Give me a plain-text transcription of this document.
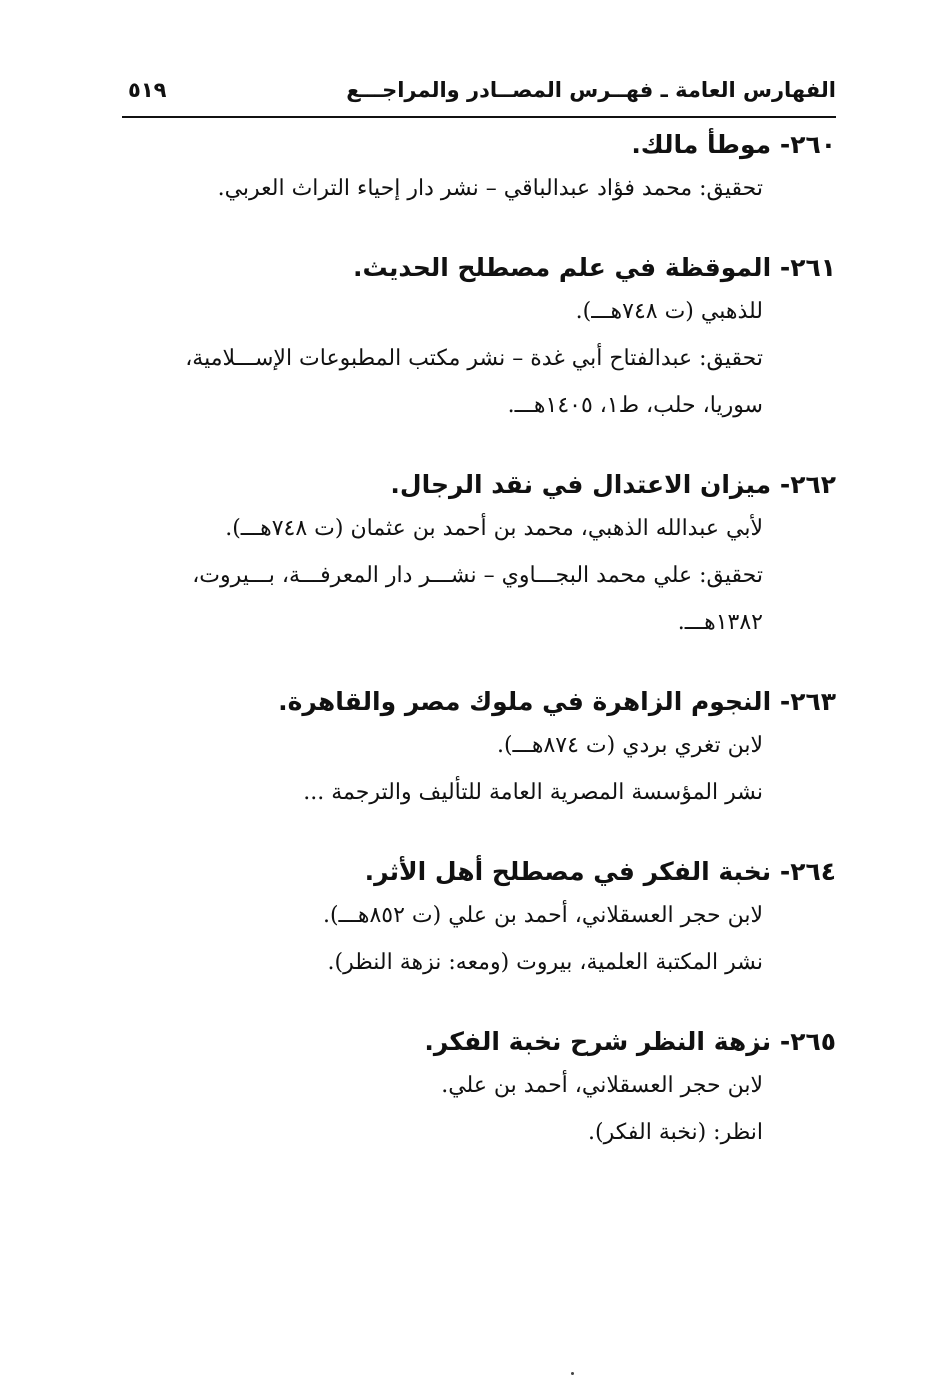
الفهارس العامة ـ فهــرس المصــادر والمراجـــع
٥١٩
٢٦٠- موطأ مالك.
تحقيق: محمد فؤاد عبدالباقي – نشر دار إحياء التراث العربي.
٢٦١- الموقظة في علم مصطلح الحديث.
للذهبي (ت ٧٤٨هـــ).
تحقيق: عبدالفتاح أبي غدة – نشر مكتب المطبوعات الإســـلامية،
سوريا، حلب، ط١، ١٤٠٥هـــ.
٢٦٢- ميزان الاعتدال في نقد الرجال.
لأبي عبدالله الذهبي، محمد بن أحمد بن عثمان (ت ٧٤٨هـــ).
تحقيق: علي محمد البجـــاوي – نشـــر دار المعرفـــة، بـــيروت،
١٣٨٢هـــ.
٢٦٣- النجوم الزاهرة في ملوك مصر والقاهرة.
لابن تغري بردي (ت ٨٧٤هـــ).
نشر المؤسسة المصرية العامة للتأليف والترجمة ...
٢٦٤- نخبة الفكر في مصطلح أهل الأثر.
لابن حجر العسقلاني، أحمد بن علي (ت ٨٥٢هـــ).
نشر المكتبة العلمية، بيروت (ومعه: نزهة النظر).
٢٦٥- نزهة النظر شرح نخبة الفكر.
لابن حجر العسقلاني، أحمد بن علي.
انظر: (نخبة الفكر).
